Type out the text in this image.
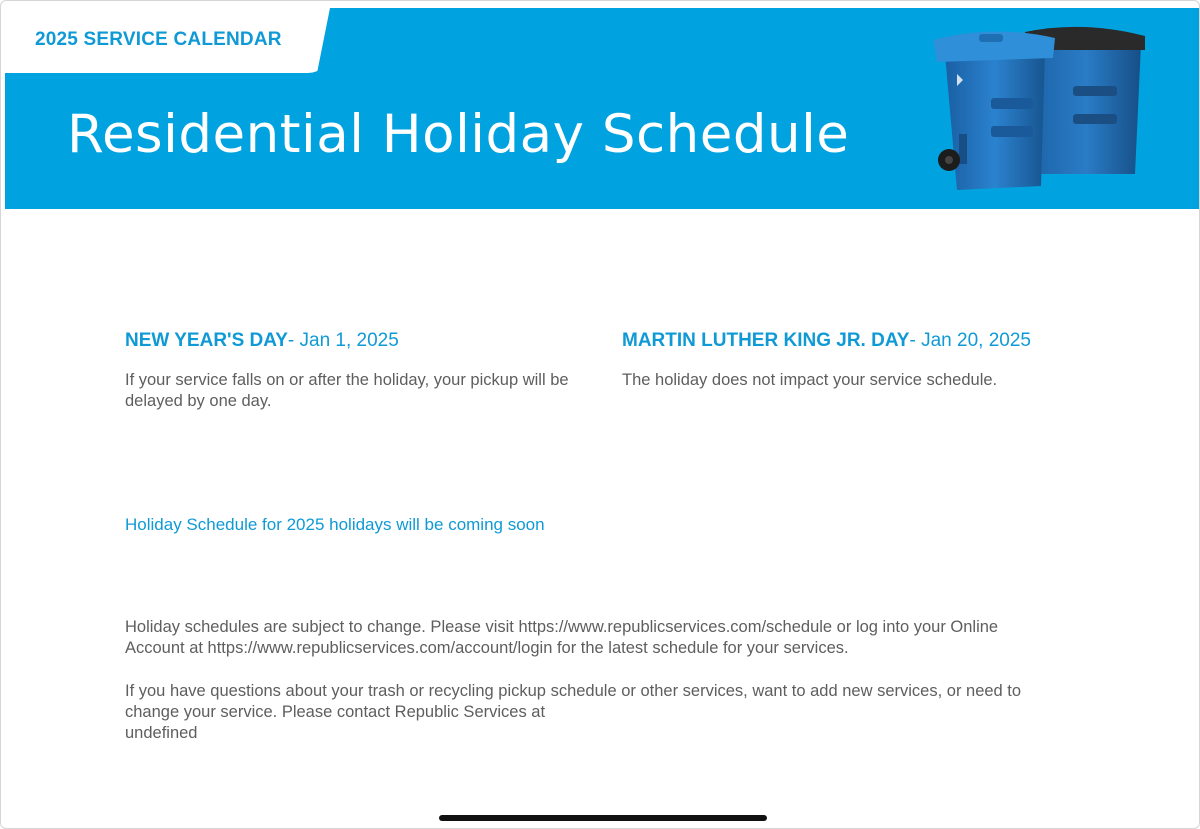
2025 SERVICE CALENDAR
Residential Holiday Schedule

NEW YEAR'S DAY- Jan 1, 2025

If your service falls on or after the holiday, your pickup will be delayed by one day.

MARTIN LUTHER KING JR. DAY- Jan 20, 2025

The holiday does not impact your service schedule.

Holiday Schedule for 2025 holidays will be coming soon

Holiday schedules are subject to change. Please visit https://www.republicservices.com/schedule or log into your Online Account at https://www.republicservices.com/account/login for the latest schedule for your services.

If you have questions about your trash or recycling pickup schedule or other services, want to add new services, or need to change your service. Please contact Republic Services at
undefined
